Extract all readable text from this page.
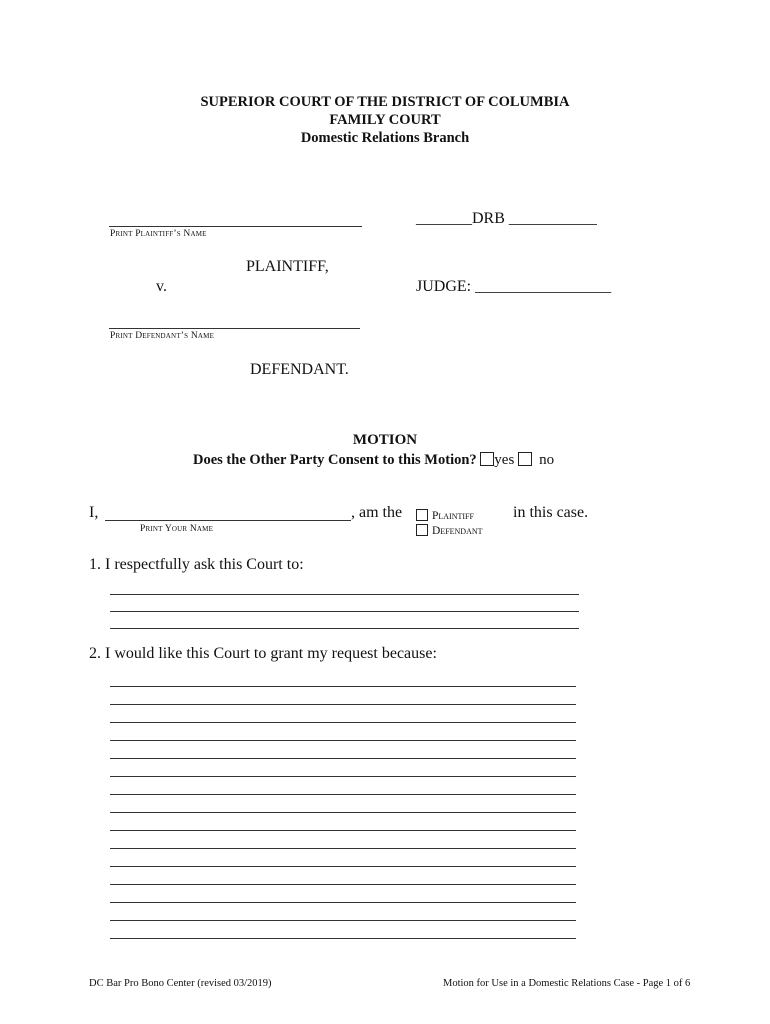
SUPERIOR COURT OF THE DISTRICT OF COLUMBIA
FAMILY COURT
Domestic Relations Branch
Print Plaintiff’s Name
_______DRB ___________
PLAINTIFF,
v.	JUDGE: _________________
Print Defendant’s Name
DEFENDANT.
MOTION
Does the Other Party Consent to this Motion? yes no
I,	, am the
Print Your Name
Plaintiff
Defendant
in this case.
1. I respectfully ask this Court to:
2. I would like this Court to grant my request because:
DC Bar Pro Bono Center (revised 03/2019)	Motion for Use in a Domestic Relations Case - Page 1 of 6
